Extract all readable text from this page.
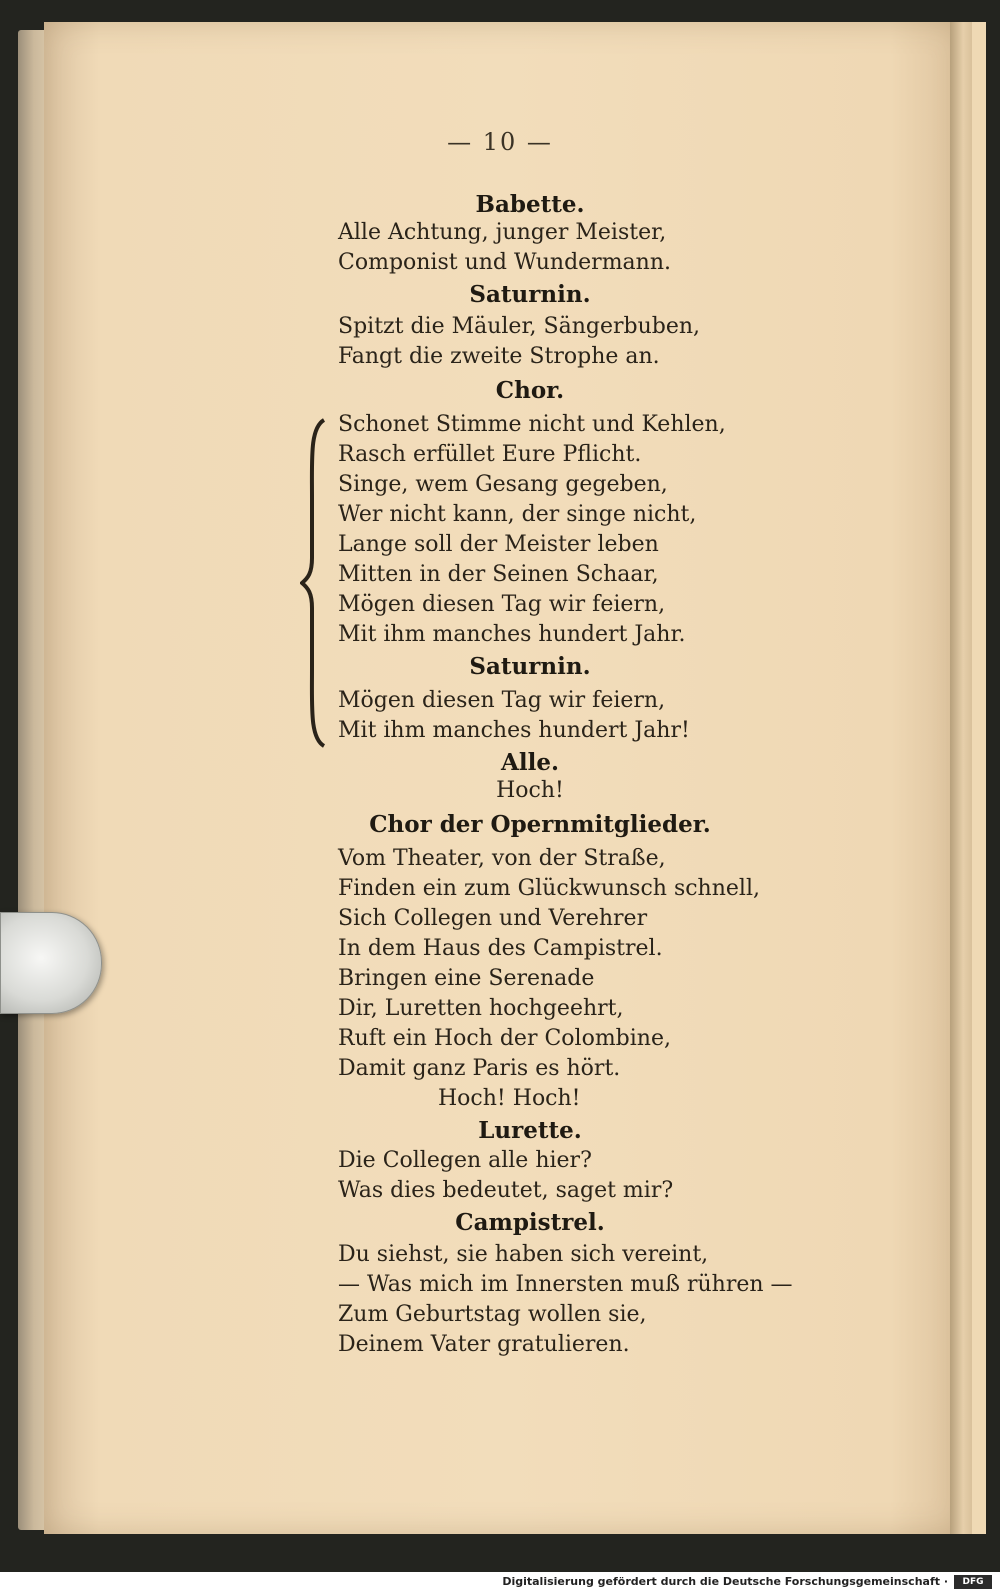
— 10 —
Babette.
Alle Achtung, junger Meister,
Componist und Wundermann.
Saturnin.
Spitzt die Mäuler, Sängerbuben,
Fangt die zweite Strophe an.
Chor.
Schonet Stimme nicht und Kehlen,
Rasch erfüllet Eure Pflicht.
Singe, wem Gesang gegeben,
Wer nicht kann, der singe nicht,
Lange soll der Meister leben
Mitten in der Seinen Schaar,
Mögen diesen Tag wir feiern,
Mit ihm manches hundert Jahr.
Saturnin.
Mögen diesen Tag wir feiern,
Mit ihm manches hundert Jahr!
Alle.
Hoch!
Chor der Opernmitglieder.
Vom Theater, von der Straße,
Finden ein zum Glückwunsch schnell,
Sich Collegen und Verehrer
In dem Haus des Campistrel.
Bringen eine Serenade
Dir, Luretten hochgeehrt,
Ruft ein Hoch der Colombine,
Damit ganz Paris es hört.
Hoch! Hoch!
Lurette.
Die Collegen alle hier?
Was dies bedeutet, saget mir?
Campistrel.
Du siehst, sie haben sich vereint,
— Was mich im Innersten muß rühren —
Zum Geburtstag wollen sie,
Deinem Vater gratulieren.
Digitalisierung gefördert durch die Deutsche Forschungsgemeinschaft ·	DFG
